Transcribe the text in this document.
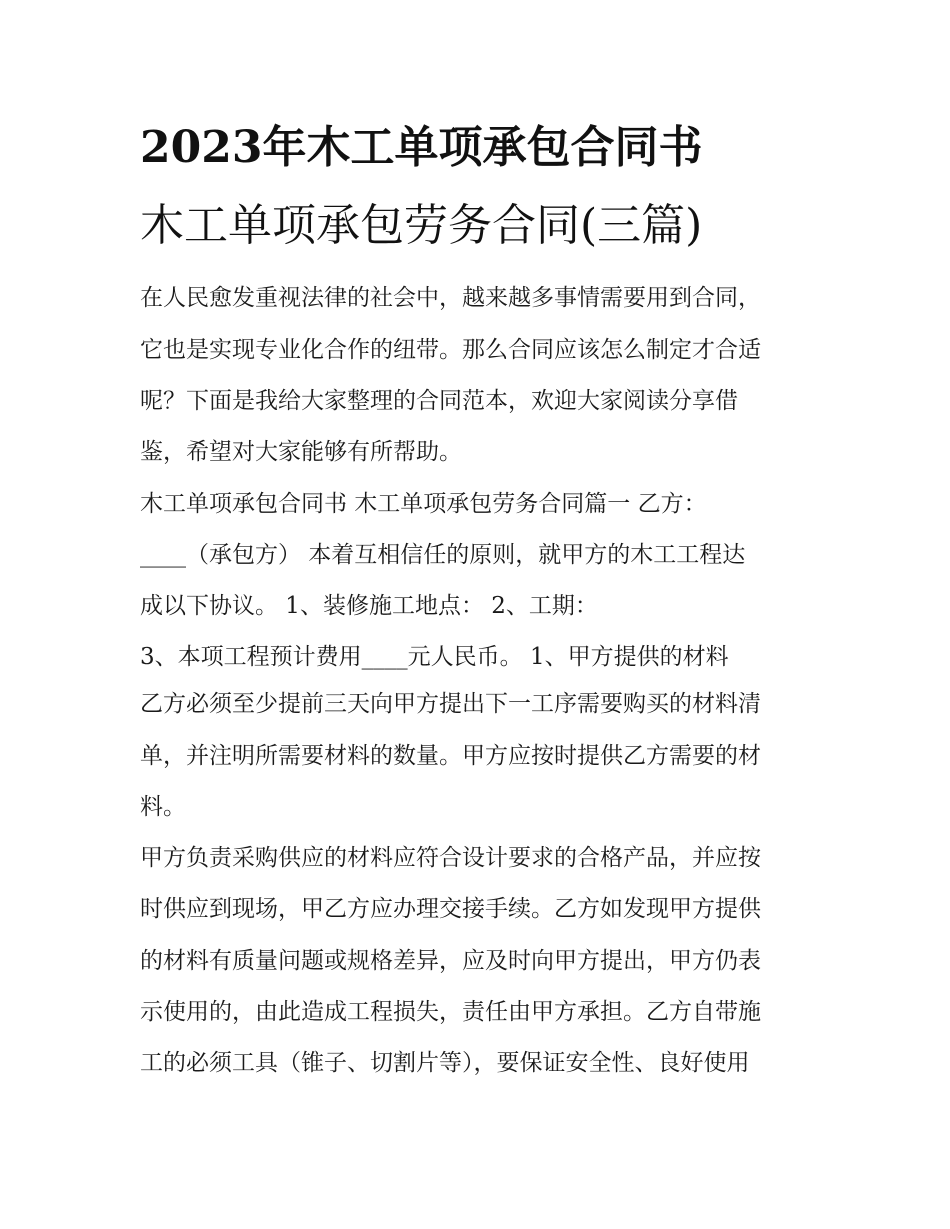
2023年木工单项承包合同书
木工单项承包劳务合同(三篇)
在人民愈发重视法律的社会中，越来越多事情需要用到合同，
它也是实现专业化合作的纽带。那么合同应该怎么制定才合适
呢？下面是我给大家整理的合同范本，欢迎大家阅读分享借
鉴，希望对大家能够有所帮助。
木工单项承包合同书 木工单项承包劳务合同篇一 乙方：
____（承包方） 本着互相信任的原则，就甲方的木工工程达
成以下协议。 1、装修施工地点： 2、工期：
3、本项工程预计费用____元人民币。 1、甲方提供的材料
乙方必须至少提前三天向甲方提出下一工序需要购买的材料清
单，并注明所需要材料的数量。甲方应按时提供乙方需要的材
料。
甲方负责采购供应的材料应符合设计要求的合格产品，并应按
时供应到现场，甲乙方应办理交接手续。乙方如发现甲方提供
的材料有质量问题或规格差异，应及时向甲方提出，甲方仍表
示使用的，由此造成工程损失，责任由甲方承担。乙方自带施
工的必须工具（锥子、切割片等），要保证安全性、良好使用
